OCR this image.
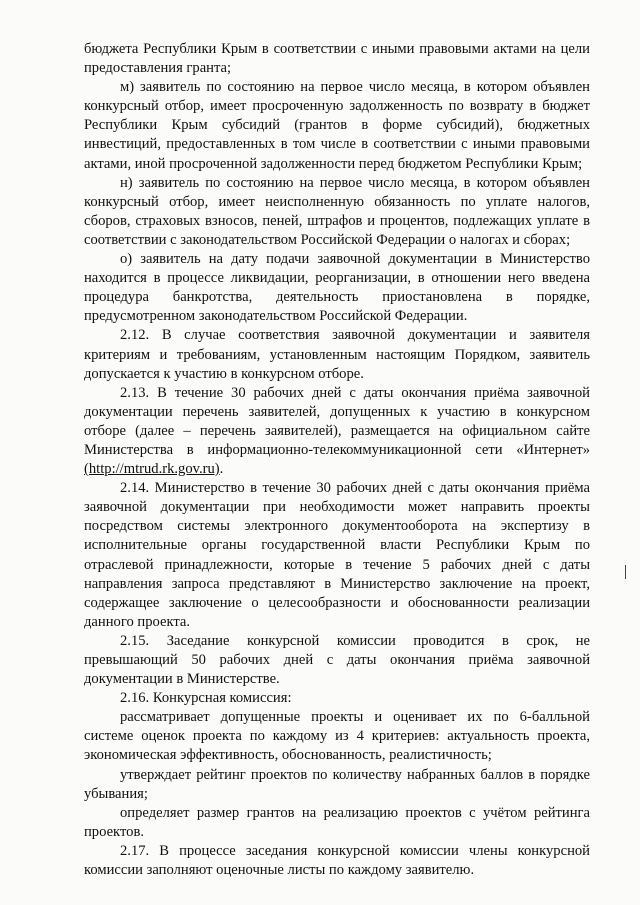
бюджета Республики Крым в соответствии с иными правовыми актами на цели предоставления гранта;

м) заявитель по состоянию на первое число месяца, в котором объявлен конкурсный отбор, имеет просроченную задолженность по возврату в бюджет Республики Крым субсидий (грантов в форме субсидий), бюджетных инвестиций, предоставленных в том числе в соответствии с иными правовыми актами, иной просроченной задолженности перед бюджетом Республики Крым;

н) заявитель по состоянию на первое число месяца, в котором объявлен конкурсный отбор, имеет неисполненную обязанность по уплате налогов, сборов, страховых взносов, пеней, штрафов и процентов, подлежащих уплате в соответствии с законодательством Российской Федерации о налогах и сборах;

о) заявитель на дату подачи заявочной документации в Министерство находится в процессе ликвидации, реорганизации, в отношении него введена процедура банкротства, деятельность приостановлена в порядке, предусмотренном законодательством Российской Федерации.

2.12. В случае соответствия заявочной документации и заявителя критериям и требованиям, установленным настоящим Порядком, заявитель допускается к участию в конкурсном отборе.

2.13. В течение 30 рабочих дней с даты окончания приёма заявочной документации перечень заявителей, допущенных к участию в конкурсном отборе (далее – перечень заявителей), размещается на официальном сайте Министерства в информационно-телекоммуникационной сети «Интернет» (http://mtrud.rk.gov.ru).

2.14. Министерство в течение 30 рабочих дней с даты окончания приёма заявочной документации при необходимости может направить проекты посредством системы электронного документооборота на экспертизу в исполнительные органы государственной власти Республики Крым по отраслевой принадлежности, которые в течение 5 рабочих дней с даты направления запроса представляют в Министерство заключение на проект, содержащее заключение о целесообразности и обоснованности реализации данного проекта.

2.15. Заседание конкурсной комиссии проводится в срок, не превышающий 50 рабочих дней с даты окончания приёма заявочной документации в Министерстве.

2.16. Конкурсная комиссия:

рассматривает допущенные проекты и оценивает их по 6-балльной системе оценок проекта по каждому из 4 критериев: актуальность проекта, экономическая эффективность, обоснованность, реалистичность;

утверждает рейтинг проектов по количеству набранных баллов в порядке убывания;

определяет размер грантов на реализацию проектов с учётом рейтинга проектов.

2.17. В процессе заседания конкурсной комиссии члены конкурсной комиссии заполняют оценочные листы по каждому заявителю.
